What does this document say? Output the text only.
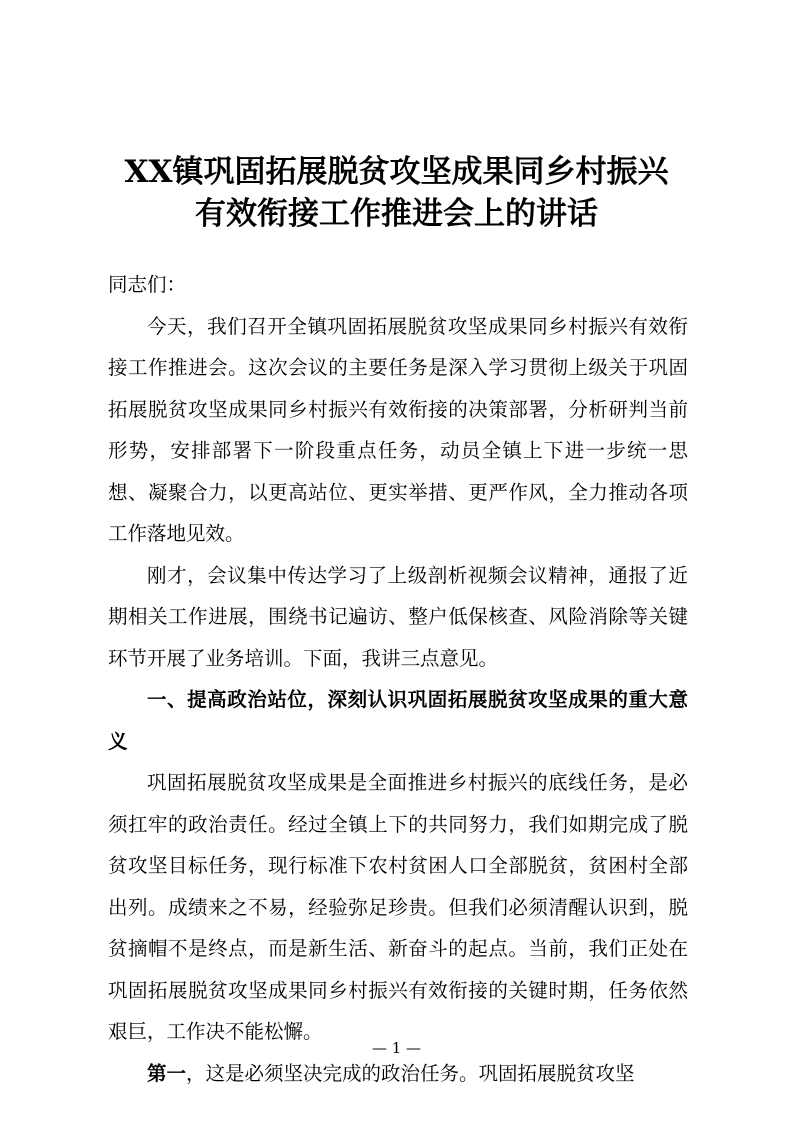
XX镇巩固拓展脱贫攻坚成果同乡村振兴
有效衔接工作推进会上的讲话

同志们：

今天，我们召开全镇巩固拓展脱贫攻坚成果同乡村振兴有效衔接工作推进会。这次会议的主要任务是深入学习贯彻上级关于巩固拓展脱贫攻坚成果同乡村振兴有效衔接的决策部署，分析研判当前形势，安排部署下一阶段重点任务，动员全镇上下进一步统一思想、凝聚合力，以更高站位、更实举措、更严作风，全力推动各项工作落地见效。

刚才，会议集中传达学习了上级剖析视频会议精神，通报了近期相关工作进展，围绕书记遍访、整户低保核查、风险消除等关键环节开展了业务培训。下面，我讲三点意见。

一、提高政治站位，深刻认识巩固拓展脱贫攻坚成果的重大意义

巩固拓展脱贫攻坚成果是全面推进乡村振兴的底线任务，是必须扛牢的政治责任。经过全镇上下的共同努力，我们如期完成了脱贫攻坚目标任务，现行标准下农村贫困人口全部脱贫，贫困村全部出列。成绩来之不易，经验弥足珍贵。但我们必须清醒认识到，脱贫摘帽不是终点，而是新生活、新奋斗的起点。当前，我们正处在巩固拓展脱贫攻坚成果同乡村振兴有效衔接的关键时期，任务依然艰巨，工作决不能松懈。

第一，这是必须坚决完成的政治任务。巩固拓展脱贫攻坚

— 1 —
